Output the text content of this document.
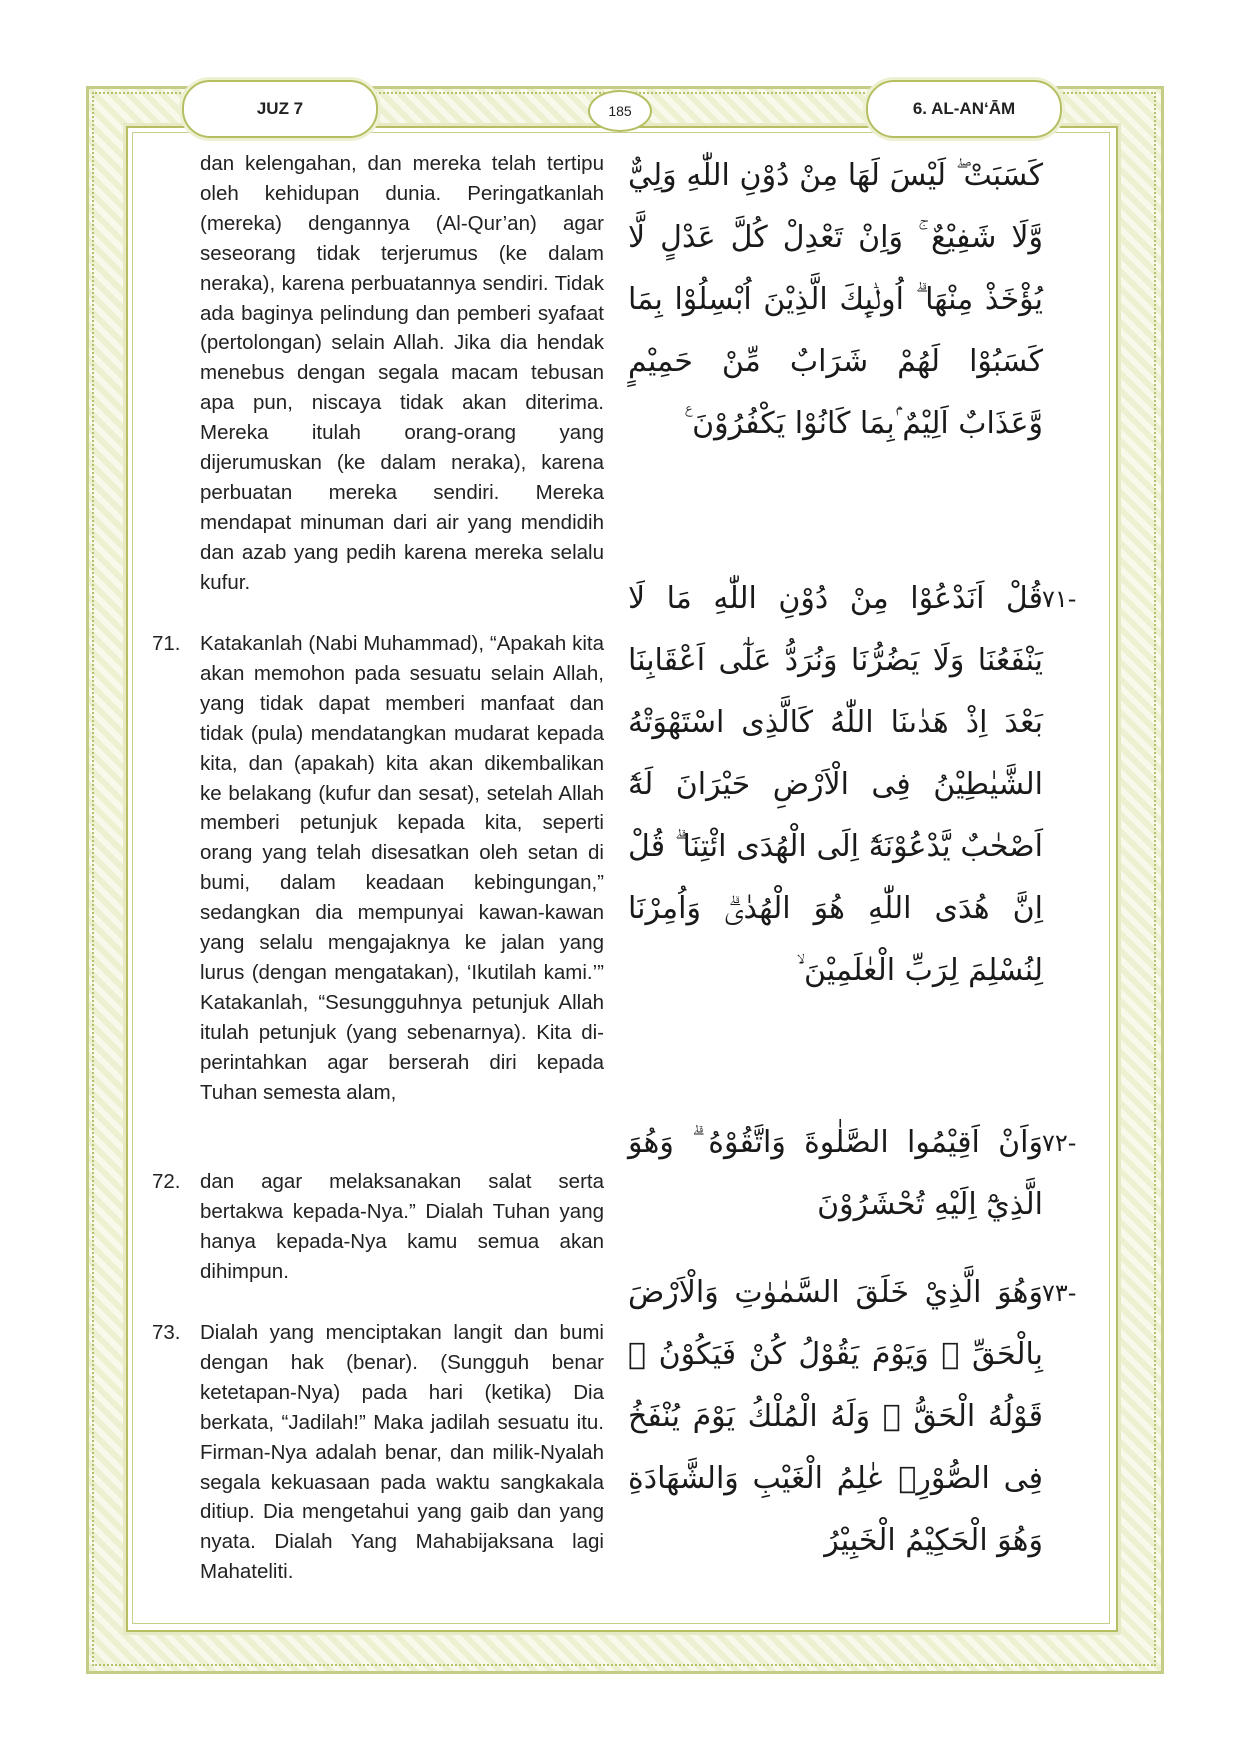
JUZ 7	185	6. AL-AN‘ĀM
dan kelengahan, dan mereka telah tertipu oleh kehidupan dunia. Peringatkanlah (mereka) dengannya (Al-Qur’an) agar seseorang tidak terjerumus (ke dalam neraka), karena perbuatannya sendiri. Tidak ada baginya pelindung dan pemberi syafaat (pertolongan) selain Allah. Jika dia hendak menebus dengan segala macam tebusan apa pun, niscaya tidak akan diterima. Mereka itulah orang-orang yang dijerumuskan (ke dalam neraka), karena perbuatan mereka sendiri. Mereka mendapat minuman dari air yang mendidih dan azab yang pedih karena mereka selalu kufur.
71. Katakanlah (Nabi Muhammad), “Apakah kita akan memohon pada sesuatu selain Allah, yang tidak dapat memberi manfaat dan tidak (pula) mendatangkan mudarat kepada kita, dan (apakah) kita akan dikembalikan ke belakang (kufur dan sesat), setelah Allah memberi petunjuk kepada kita, seperti orang yang telah disesatkan oleh setan di bumi, dalam keadaan kebingungan,” sedangkan dia mempunyai kawan-kawan yang selalu mengajaknya ke jalan yang lurus (dengan mengatakan), ‘Ikutilah kami.’” Katakanlah, “Sesungguhnya petunjuk Allah itulah petunjuk (yang sebenarnya). Kita diperintahkan agar berserah diri kepada Tuhan semesta alam,
72. dan agar melaksanakan salat serta bertakwa kepada-Nya.” Dialah Tuhan yang hanya kepada-Nya kamu semua akan dihimpun.
73. Dialah yang menciptakan langit dan bumi dengan hak (benar). (Sungguh benar ketetapan-Nya) pada hari (ketika) Dia berkata, “Jadilah!” Maka jadilah sesuatu itu. Firman-Nya adalah benar, dan milik-Nyalah segala kekuasaan pada waktu sangkakala ditiup. Dia mengetahui yang gaib dan yang nyata. Dialah Yang Mahabijaksana lagi Mahateliti.
كَسَبَتْ ۖ لَيْسَ لَهَا مِنْ دُوْنِ اللّٰهِ وَلِيٌّ وَّلَا شَفِيْعٌ ۚ وَاِنْ تَعْدِلْ كُلَّ عَدْلٍ لَّا يُؤْخَذْ مِنْهَا ۗ اُولٰۤىِٕكَ الَّذِيْنَ اُبْسِلُوْا بِمَا كَسَبُوْا لَهُمْ شَرَابٌ مِّنْ حَمِيْمٍ وَّعَذَابٌ اَلِيْمٌ ۢبِمَا كَانُوْا يَكْفُرُوْنَ ࣖ
-٧١
قُلْ اَنَدْعُوْا مِنْ دُوْنِ اللّٰهِ مَا لَا يَنْفَعُنَا وَلَا يَضُرُّنَا وَنُرَدُّ عَلٰٓى اَعْقَابِنَا بَعْدَ اِذْ هَدٰىنَا اللّٰهُ كَالَّذِى اسْتَهْوَتْهُ الشَّيٰطِيْنُ فِى الْاَرْضِ حَيْرَانَ لَهٗٓ اَصْحٰبٌ يَّدْعُوْنَهٗٓ اِلَى الْهُدَى ائْتِنَا ۗ قُلْ اِنَّ هُدَى اللّٰهِ هُوَ الْهُدٰىۗ وَاُمِرْنَا لِنُسْلِمَ لِرَبِّ الْعٰلَمِيْنَ ۙ
-٧٢
وَاَنْ اَقِيْمُوا الصَّلٰوةَ وَاتَّقُوْهُ ۗ وَهُوَ الَّذِيْٓ اِلَيْهِ تُحْشَرُوْنَ
-٧٣
وَهُوَ الَّذِيْ خَلَقَ السَّمٰوٰتِ وَالْاَرْضَ بِالْحَقِّ ۗ وَيَوْمَ يَقُوْلُ كُنْ فَيَكُوْنُ ۚ قَوْلُهُ الْحَقُّ ۗ وَلَهُ الْمُلْكُ يَوْمَ يُنْفَخُ فِى الصُّوْرِۗ عٰلِمُ الْغَيْبِ وَالشَّهَادَةِ وَهُوَ الْحَكِيْمُ الْخَبِيْرُ
